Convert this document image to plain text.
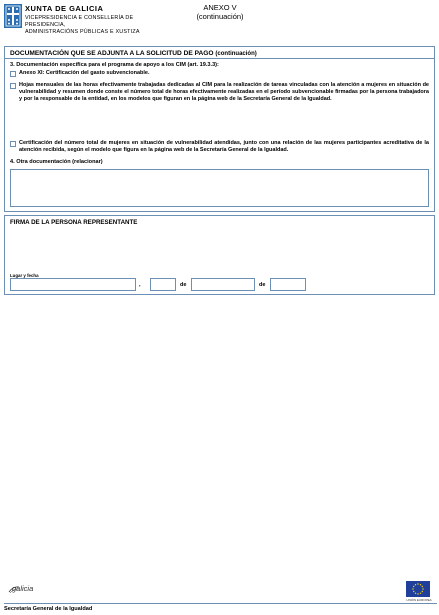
XUNTA DE GALICIA
VICEPRESIDENCIA E CONSELLERÍA DE PRESIDENCIA,
ADMINISTRACIÓNS PÚBLICAS E XUSTIZA
ANEXO V
(continuación)
DOCUMENTACIÓN QUE SE ADJUNTA A LA SOLICITUD DE PAGO (continuación)
3. Documentación específica para el programa de apoyo a los CIM (art. 19.3.3):
Anexo XI: Certificación del gasto subvencionable.
Hojas mensuales de las horas efectivamente trabajadas dedicadas al CIM para la realización de tareas vinculadas con la atención a mujeres en situación de vulnerabilidad y resumen donde conste el número total de horas efectivamente realizadas en el período subvencionable firmadas por la persona trabajadora y por la responsable de la entidad, en los modelos que figuran en la página web de la Secretaría General de la Igualdad.
Certificación del número total de mujeres en situación de vulnerabilidad atendidas, junto con una relación de las mujeres participantes acreditativa de la atención recibida, según el modelo que figura en la página web de la Secretaría General de la Igualdad.
4. Otra documentación (relacionar)
FIRMA DE LA PERSONA REPRESENTANTE
Lugar y fecha
,	de	de
galicia
UNIÓN EUROPEA
Secretaría General de la Igualdad
